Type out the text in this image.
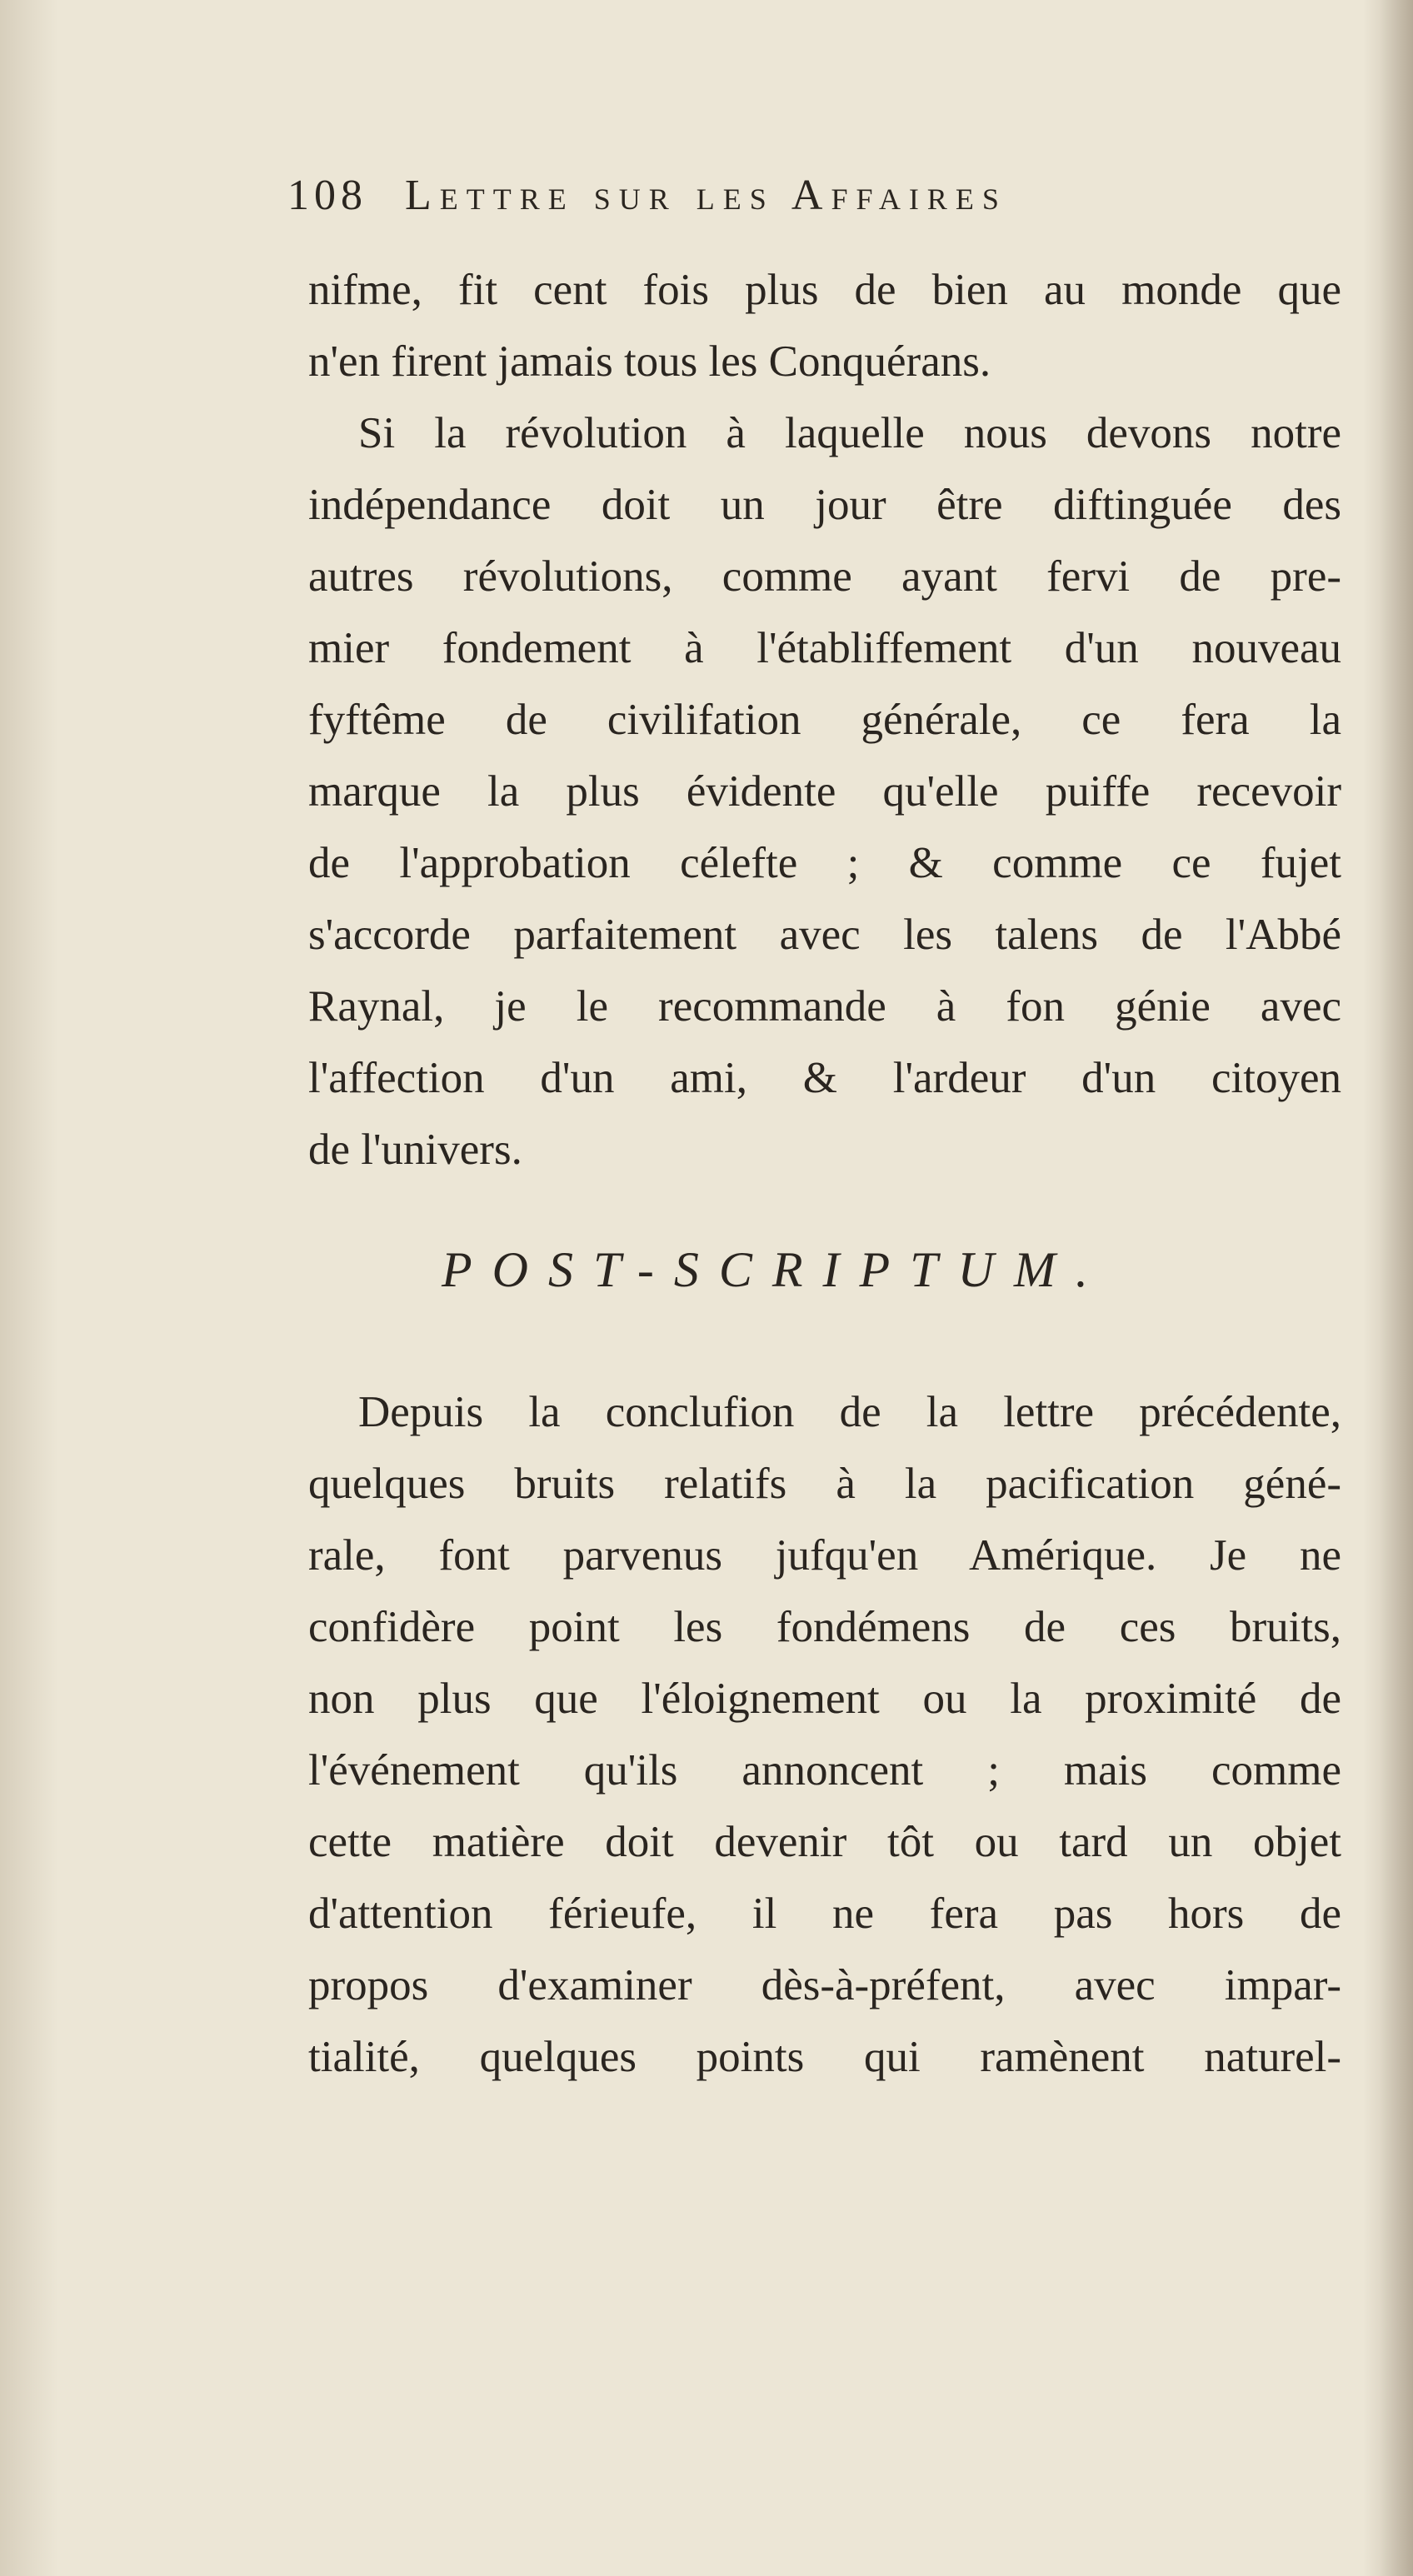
108 Lettre sur les Affaires
nifme, fit cent fois plus de bien au monde que
n'en firent jamais tous les Conquérans.
Si la révolution à laquelle nous devons notre
indépendance doit un jour être diftinguée des
autres révolutions, comme ayant fervi de pre-
mier fondement à l'établiffement d'un nouveau
fyftême de civilifation générale, ce fera la
marque la plus évidente qu'elle puiffe recevoir
de l'approbation célefte ; & comme ce fujet
s'accorde parfaitement avec les talens de l'Abbé
Raynal, je le recommande à fon génie avec
l'affection d'un ami, & l'ardeur d'un citoyen
de l'univers.
POST-SCRIPTUM.
Depuis la conclufion de la lettre précédente,
quelques bruits relatifs à la pacification géné-
rale, font parvenus jufqu'en Amérique. Je ne
confidère point les fondémens de ces bruits,
non plus que l'éloignement ou la proximité de
l'événement qu'ils annoncent ; mais comme
cette matière doit devenir tôt ou tard un objet
d'attention férieufe, il ne fera pas hors de
propos d'examiner dès-à-préfent, avec impar-
tialité, quelques points qui ramènent naturel-
